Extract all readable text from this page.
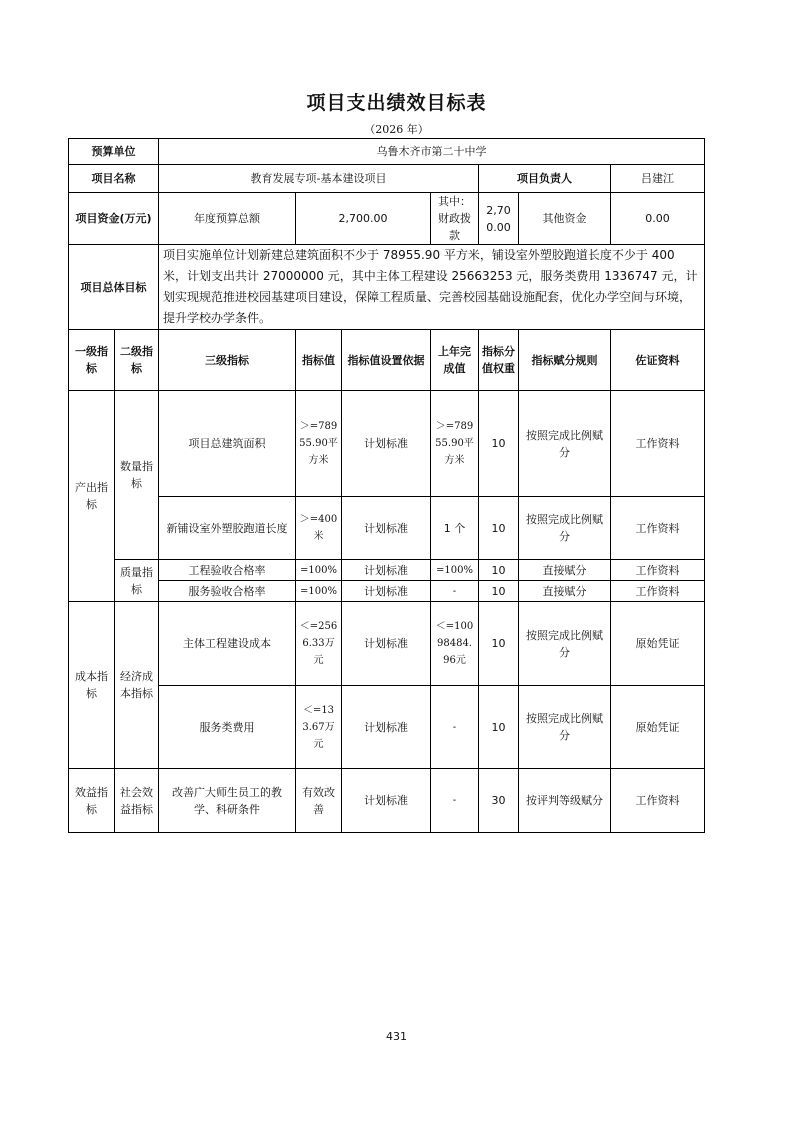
项目支出绩效目标表
（2026 年）
预算单位		乌鲁木齐市第二十中学						
项目名称		教育发展专项-基本建设项目				项目负责人		吕建江
项目资金(万元)		年度预算总额	2,700.00		其中：财政拨款	2,700.00	其他资金	0.00
项目总体目标		项目实施单位计划新建总建筑面积不少于 78955.90 平方米，铺设室外塑胶跑道长度不少于 400 米，计划支出共计 27000000 元，其中主体工程建设 25663253 元，服务类费用 1336747 元，计划实现规范推进校园基建项目建设，保障工程质量、完善校园基础设施配套，优化办学空间与环境，提升学校办学条件。						
一级指标	二级指标	三级指标	指标值	指标值设置依据	上年完成值	指标分值权重	指标赋分规则	佐证资料
产出指标	数量指标	项目总建筑面积	＞=78955.90平方米	计划标准	＞=78955.90平方米	10	按照完成比例赋分	工作资料
		新铺设室外塑胶跑道长度	＞=400米	计划标准	1 个	10	按照完成比例赋分	工作资料
	质量指标	工程验收合格率	=100%	计划标准	=100%	10	直接赋分	工作资料
		服务验收合格率	=100%	计划标准	-	10	直接赋分	工作资料
成本指标	经济成本指标	主体工程建设成本	＜=2566.33万元	计划标准	＜=10098484.96元	10	按照完成比例赋分	原始凭证
		服务类费用	＜=133.67万元	计划标准	-	10	按照完成比例赋分	原始凭证
效益指标	社会效益指标	改善广大师生员工的教学、科研条件	有效改善	计划标准	-	30	按评判等级赋分	工作资料
431
